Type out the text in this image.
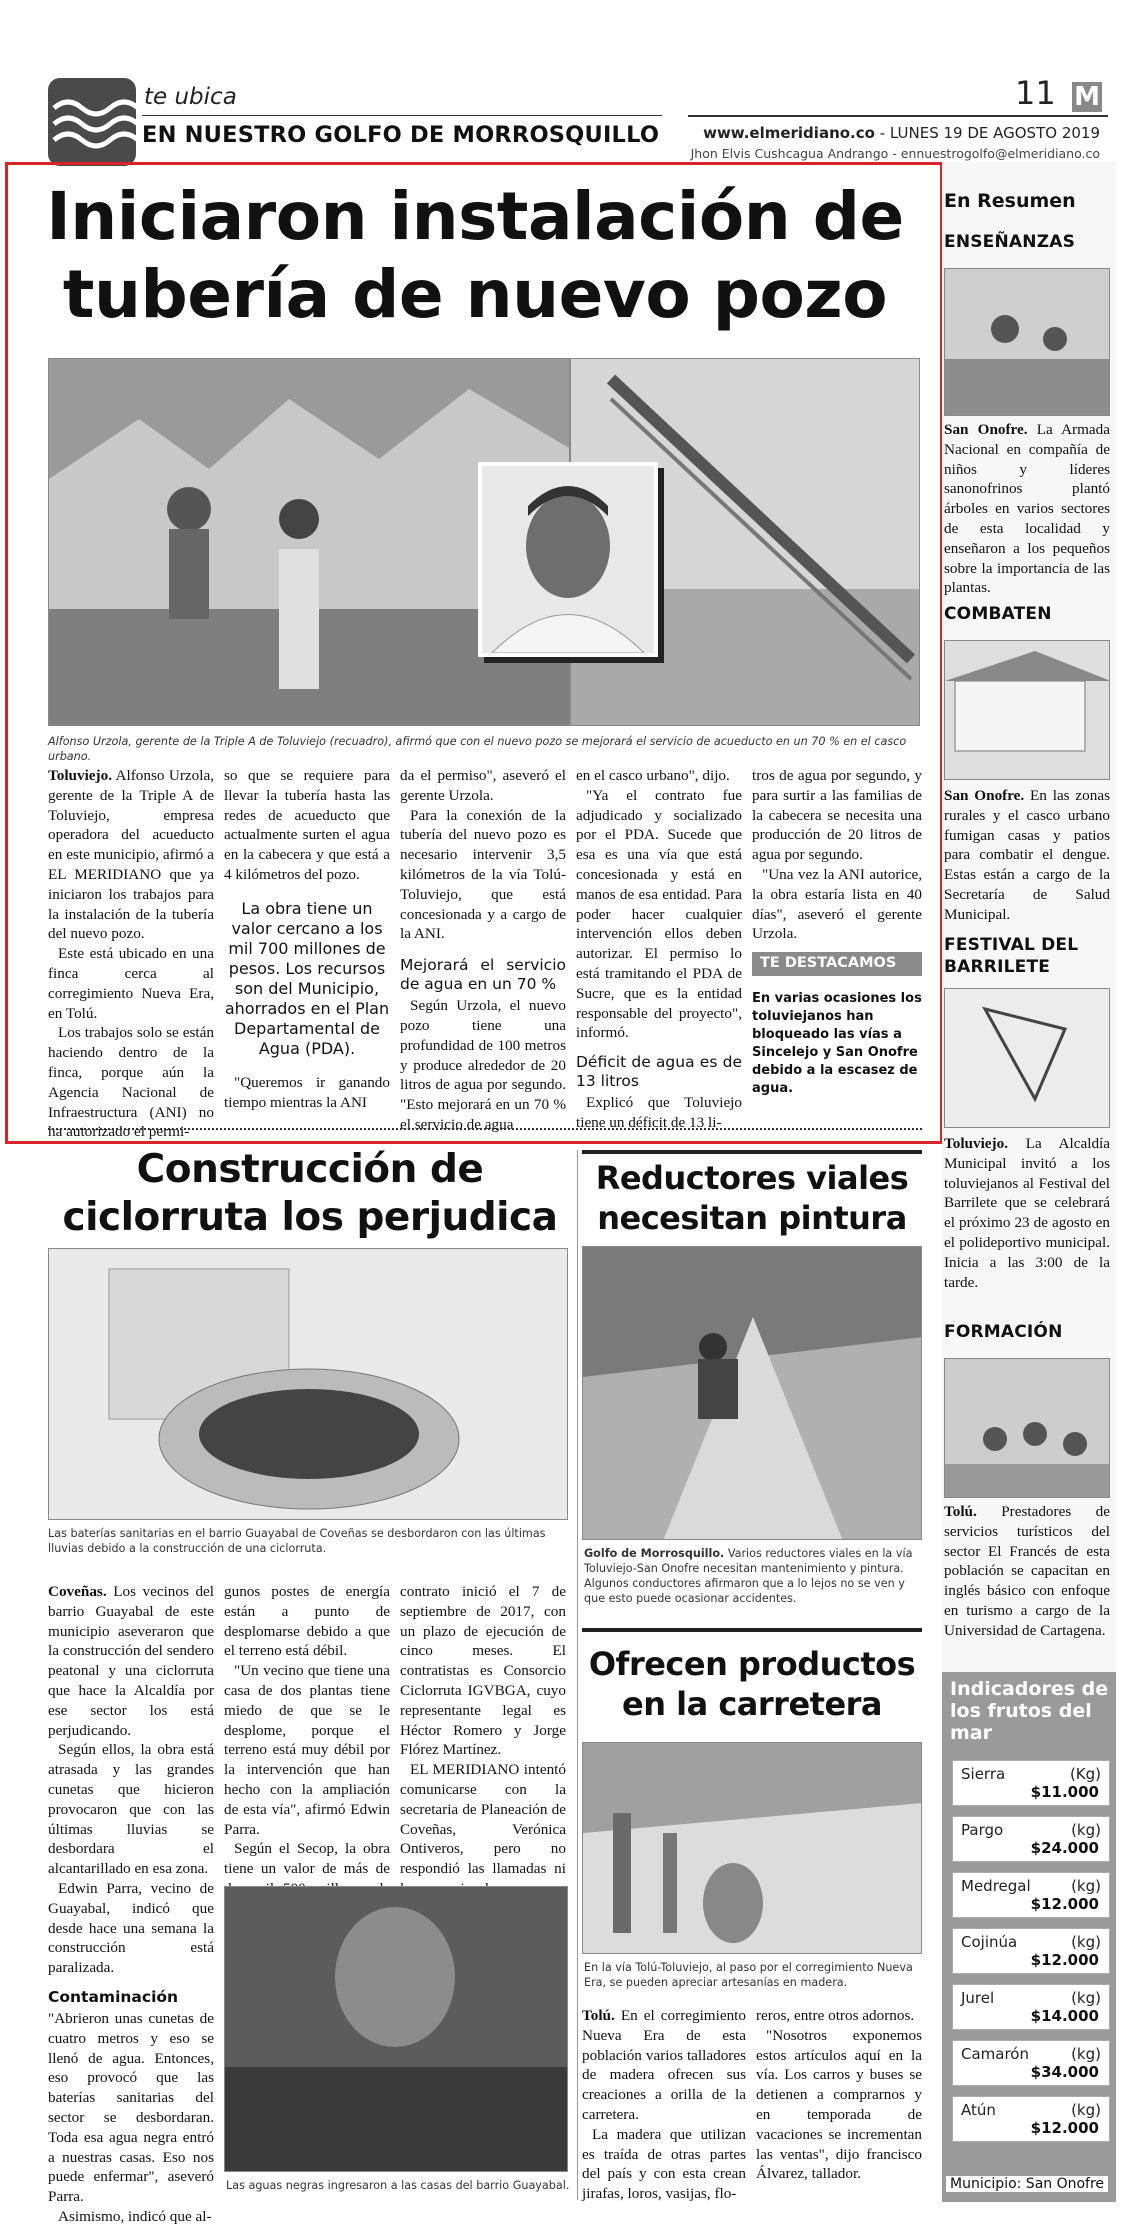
te ubica
EN NUESTRO GOLFO DE MORROSQUILLO
11 M
www.elmeridiano.co - LUNES 19 DE AGOSTO 2019
Jhon Elvis Cushcagua Andrango - ennuestrogolfo@elmeridiano.co
Iniciaron instalación de
tubería de nuevo pozo
Alfonso Urzola, gerente de la Triple A de Toluviejo (recuadro), afirmó que con el nuevo pozo se mejorará el servicio de acueducto en un 70 % en el casco urbano.

Toluviejo. Alfonso Urzola, gerente de la Triple A de Toluviejo, empresa operadora del acueducto en este municipio, afirmó a EL MERIDIANO que ya iniciaron los trabajos para la instalación de la tubería del nuevo pozo.

Este está ubicado en una finca cerca al corregimiento Nueva Era, en Tolú.

Los trabajos solo se están haciendo dentro de la finca, porque aún la Agencia Nacional de Infraestructura (ANI) no ha autorizado el permi-

so que se requiere para llevar la tubería hasta las redes de acueducto que actualmente surten el agua en la cabecera y que está a 4 kilómetros del pozo.

La obra tiene un valor cercano a los mil 700 millones de pesos. Los recursos son del Municipio, ahorrados en el Plan Departamental de Agua (PDA).

"Queremos ir ganando tiempo mientras la ANI

da el permiso", aseveró el gerente Urzola.

Para la conexión de la tubería del nuevo pozo es necesario intervenir 3,5 kilómetros de la vía Tolú-Toluviejo, que está concesionada y a cargo de la ANI.

Mejorará el servicio de agua en un 70 %

Según Urzola, el nuevo pozo tiene una profundidad de 100 metros y produce alrededor de 20 litros de agua por segundo. "Esto mejorará en un 70 % el servicio de agua

en el casco urbano", dijo.

"Ya el contrato fue adjudicado y socializado por el PDA. Sucede que esa es una vía que está concesionada y está en manos de esa entidad. Para poder hacer cualquier intervención ellos deben autorizar. El permiso lo está tramitando el PDA de Sucre, que es la entidad responsable del proyecto", informó.

Déficit de agua es de 13 litros

Explicó que Toluviejo tiene un déficit de 13 li-

tros de agua por segundo, y para surtir a las familias de la cabecera se necesita una producción de 20 litros de agua por segundo.

"Una vez la ANI autorice, la obra estaría lista en 40 días", aseveró el gerente Urzola.

TE DESTACAMOS
En varias ocasiones los toluviejanos han bloqueado las vías a Sincelejo y San Onofre debido a la escasez de agua.
En Resumen
ENSEÑANZAS
San Onofre. La Armada Nacional en compañía de niños y líderes sanonofrinos plantó árboles en varios sectores de esta localidad y enseñaron a los pequeños sobre la importancia de las plantas.
COMBATEN
San Onofre. En las zonas rurales y el casco urbano fumigan casas y patios para combatir el dengue. Estas están a cargo de la Secretaría de Salud Municipal.
FESTIVAL DEL BARRILETE
Toluviejo. La Alcaldía Municipal invitó a los toluviejanos al Festival del Barrilete que se celebrará el próximo 23 de agosto en el polideportivo municipal. Inicia a las 3:00 de la tarde.
FORMACIÓN
Tolú. Prestadores de servicios turísticos del sector El Francés de esta población se capacitan en inglés básico con enfoque en turismo a cargo de la Universidad de Cartagena.
Indicadores de los frutos del mar
Sierra	(Kg)
$11.000
Pargo	(kg)
$24.000
Medregal	(kg)
$12.000
Cojinúa	(kg)
$12.000
Jurel	(kg)
$14.000
Camarón	(kg)
$34.000
Atún	(kg)
$12.000
Municipio: San Onofre
Construcción de
ciclorruta los perjudica
Las baterías sanitarias en el barrio Guayabal de Coveñas se desbordaron con las últimas lluvias debido a la construcción de una ciclorruta.

Coveñas. Los vecinos del barrio Guayabal de este municipio aseveraron que la construcción del sendero peatonal y una ciclorruta que hace la Alcaldía por ese sector los está perjudicando.

Según ellos, la obra está atrasada y las grandes cunetas que hicieron provocaron que con las últimas lluvias se desbordara el alcantarillado en esa zona.

Edwin Parra, vecino de Guayabal, indicó que desde hace una semana la construcción está paralizada.

Contaminación

"Abrieron unas cunetas de cuatro metros y eso se llenó de agua. Entonces, eso provocó que las baterías sanitarias del sector se desbordaran. Toda esa agua negra entró a nuestras casas. Eso nos puede enfermar", aseveró Parra.

Asimismo, indicó que al-

gunos postes de energía están a punto de desplomarse debido a que el terreno está débil.

"Un vecino que tiene una casa de dos plantas tiene miedo de que se le desplome, porque el terreno está muy débil por la intervención que han hecho con la ampliación de esta vía", afirmó Edwin Parra.

Según el Secop, la obra tiene un valor de más de

contrato inició el 7 de septiembre de 2017, con un plazo de ejecución de cinco meses. El contratistas es Consorcio Ciclorruta IGVBGA, cuyo representante legal es Héctor Romero y Jorge Flórez Martínez.

EL MERIDIANO intentó comunicarse con la secretaria de Planeación de Coveñas, Verónica Ontiveros, pero no respondió las llamadas ni

Las aguas negras ingresaron a las casas del barrio Guayabal.
Reductores viales
necesitan pintura
Golfo de Morrosquillo. Varios reductores viales en la vía Toluviejo-San Onofre necesitan mantenimiento y pintura. Algunos conductores afirmaron que a lo lejos no se ven y que esto puede ocasionar accidentes.
Ofrecen productos
en la carretera
En la vía Tolú-Toluviejo, al paso por el corregimiento Nueva Era, se pueden apreciar artesanías en madera.

Tolú. En el corregimiento Nueva Era de esta población varios talladores de madera ofrecen sus creaciones a orilla de la carretera.

La madera que utilizan es traída de otras partes del país y con esta crean jirafas, loros, vasijas, flo-

reros, entre otros adornos.

"Nosotros exponemos estos artículos aquí en la vía. Los carros y buses se detienen a comprarnos y en temporada de vacaciones se incrementan las ventas", dijo francisco Álvarez, tallador.
